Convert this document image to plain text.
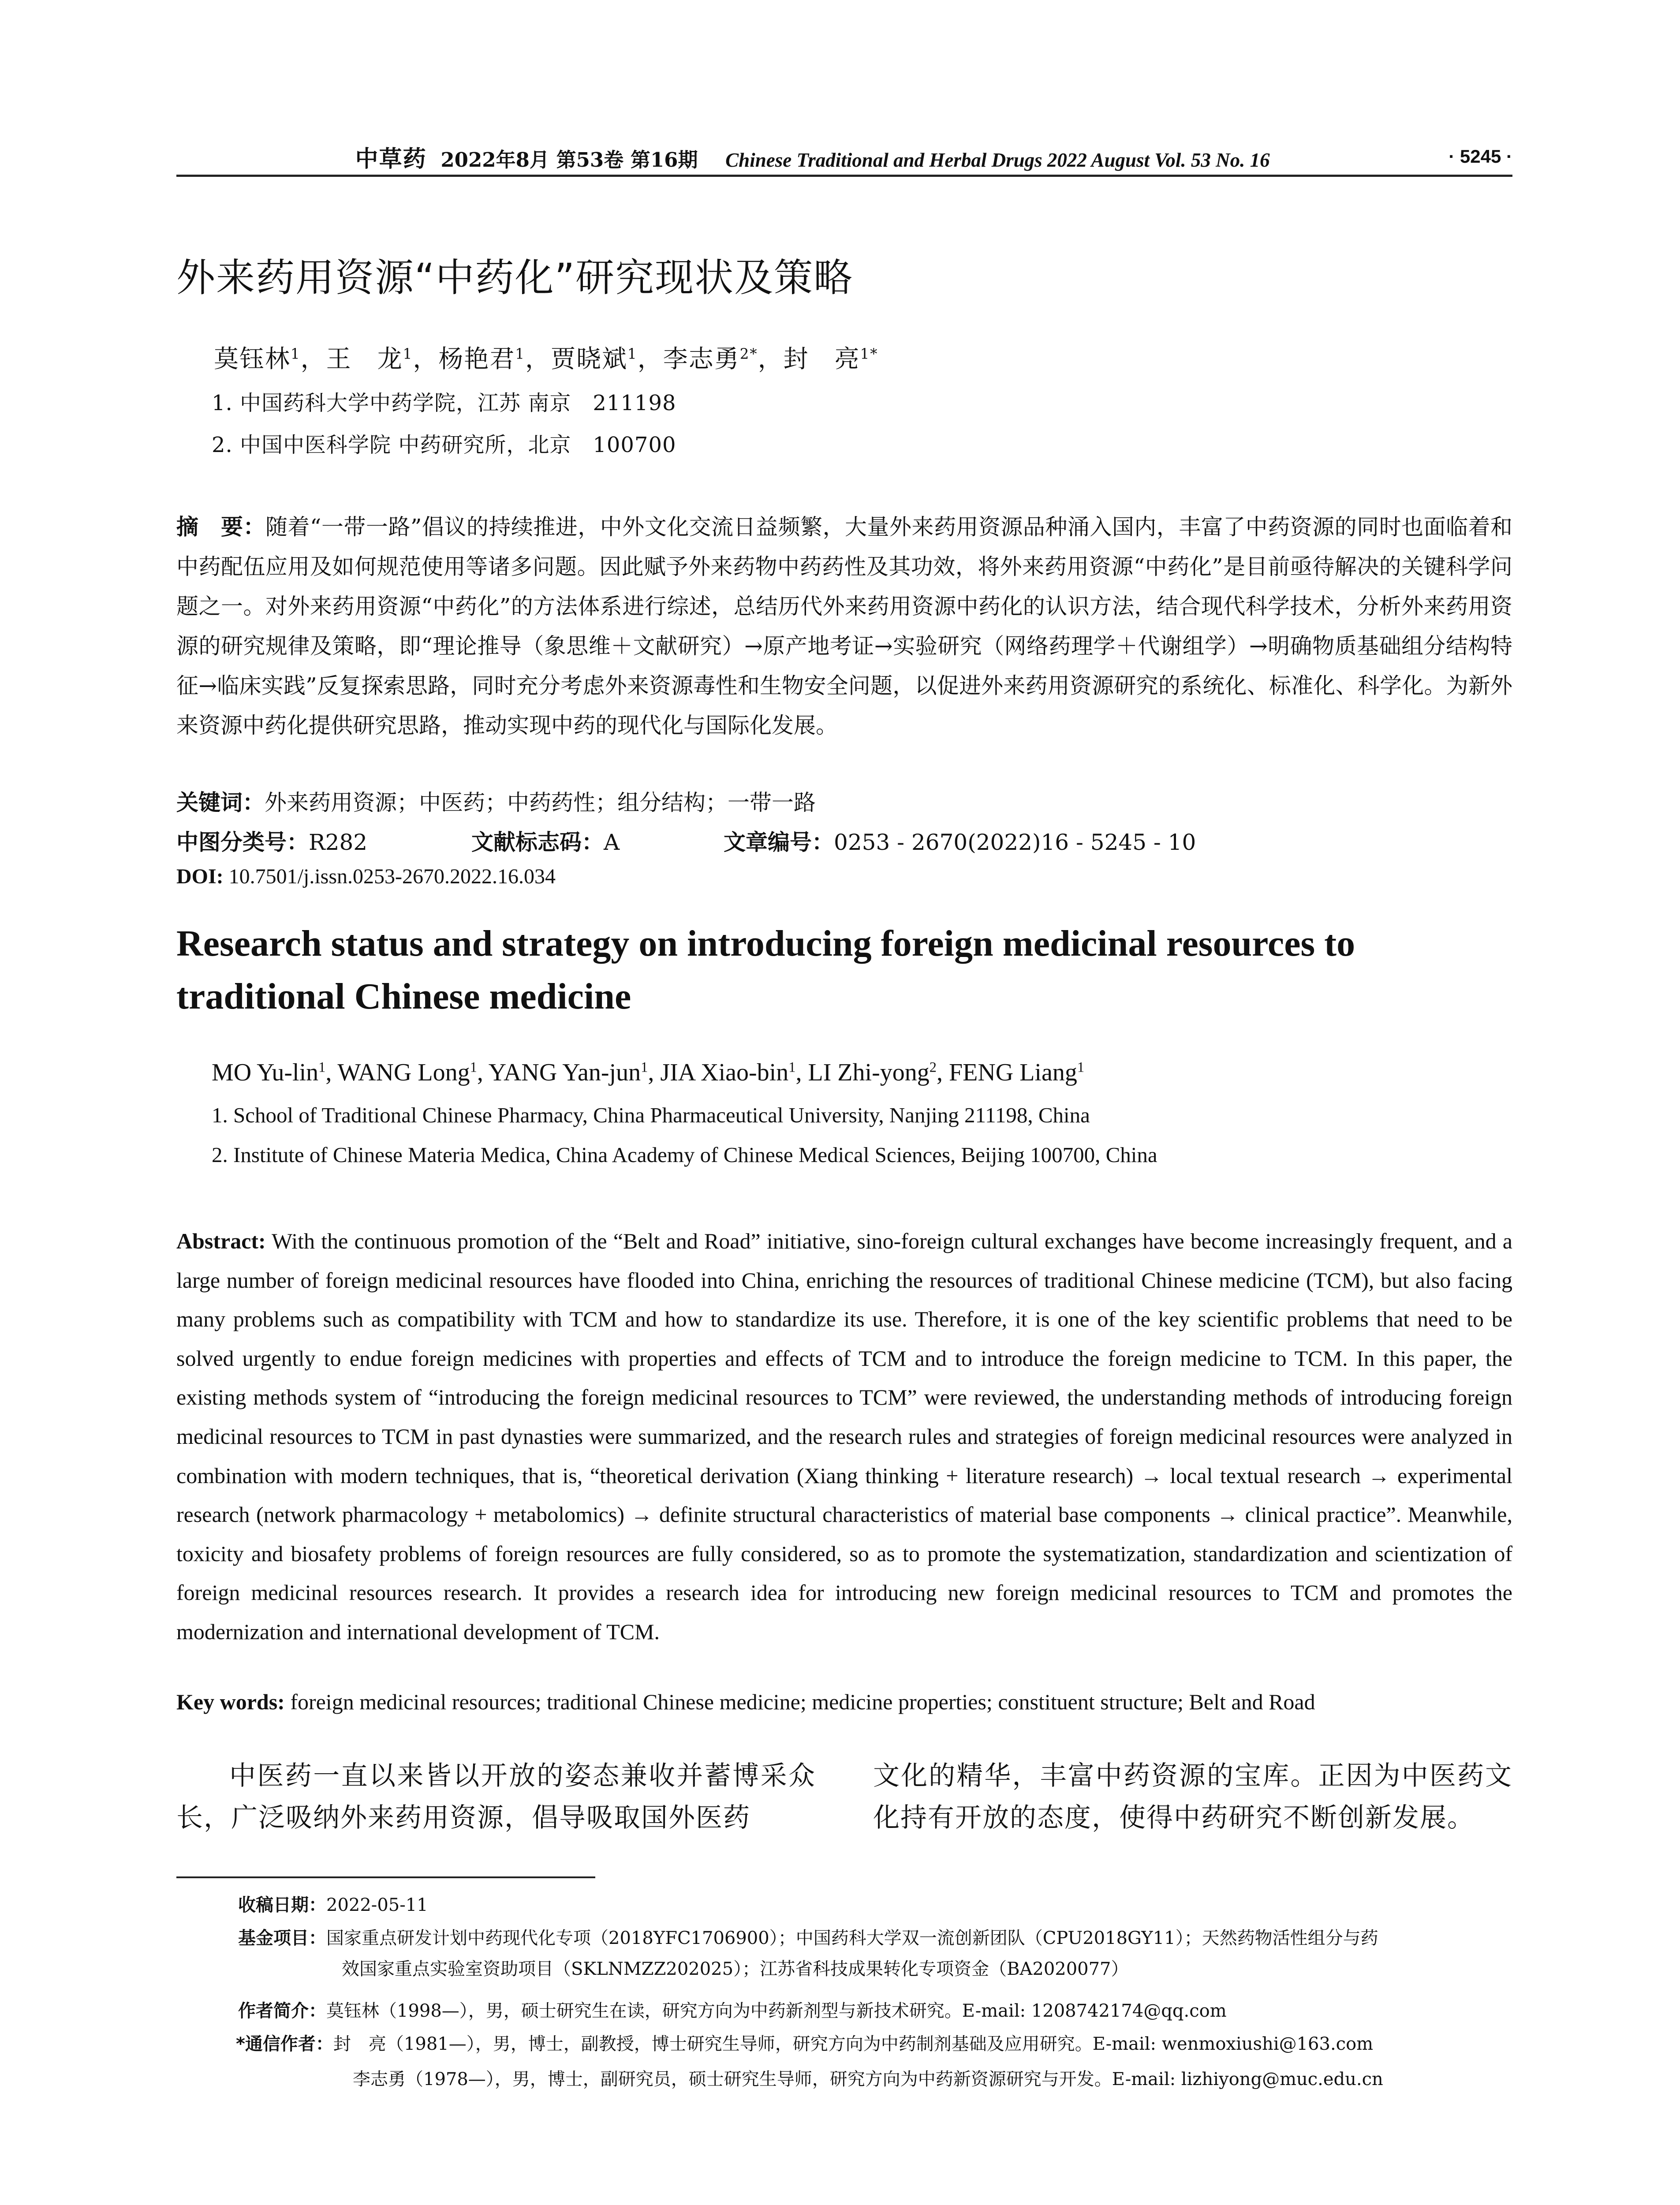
中草药 2022年8月 第53卷 第16期 Chinese Traditional and Herbal Drugs 2022 August Vol. 53 No. 16	· 5245 ·
外来药用资源“中药化”研究现状及策略
莫钰林$^1$，王　龙$^1$，杨艳君$^1$，贾晓斌$^1$，李志勇$^{2*}$，封　亮$^{1*}$
1. 中国药科大学中药学院，江苏 南京　211198
2. 中国中医科学院 中药研究所，北京　100700
摘　要：随着“一带一路”倡议的持续推进，中外文化交流日益频繁，大量外来药用资源品种涌入国内，丰富了中药资源的同时也面临着和中药配伍应用及如何规范使用等诸多问题。因此赋予外来药物中药药性及其功效，将外来药用资源“中药化”是目前亟待解决的关键科学问题之一。对外来药用资源“中药化”的方法体系进行综述，总结历代外来药用资源中药化的认识方法，结合现代科学技术，分析外来药用资源的研究规律及策略，即“理论推导（象思维＋文献研究）→原产地考证→实验研究（网络药理学＋代谢组学）→明确物质基础组分结构特征→临床实践”反复探索思路，同时充分考虑外来资源毒性和生物安全问题，以促进外来药用资源研究的系统化、标准化、科学化。为新外来资源中药化提供研究思路，推动实现中药的现代化与国际化发展。
关键词：外来药用资源；中医药；中药药性；组分结构；一带一路
中图分类号：R282	文献标志码：A	文章编号：0253 - 2670(2022)16 - 5245 - 10
DOI: 10.7501/j.issn.0253-2670.2022.16.034
Research status and strategy on introducing foreign medicinal resources to traditional Chinese medicine
MO Yu-lin$^1$, WANG Long$^1$, YANG Yan-jun$^1$, JIA Xiao-bin$^1$, LI Zhi-yong$^2$, FENG Liang$^1$
1. School of Traditional Chinese Pharmacy, China Pharmaceutical University, Nanjing 211198, China
2. Institute of Chinese Materia Medica, China Academy of Chinese Medical Sciences, Beijing 100700, China
Abstract: With the continuous promotion of the “Belt and Road” initiative, sino-foreign cultural exchanges have become increasingly frequent, and a large number of foreign medicinal resources have flooded into China, enriching the resources of traditional Chinese medicine (TCM), but also facing many problems such as compatibility with TCM and how to standardize its use. Therefore, it is one of the key scientific problems that need to be solved urgently to endue foreign medicines with properties and effects of TCM and to introduce the foreign medicine to TCM. In this paper, the existing methods system of “introducing the foreign medicinal resources to TCM” were reviewed, the understanding methods of introducing foreign medicinal resources to TCM in past dynasties were summarized, and the research rules and strategies of foreign medicinal resources were analyzed in combination with modern techniques, that is, “theoretical derivation (Xiang thinking + literature research) → local textual research → experimental research (network pharmacology + metabolomics) → definite structural characteristics of material base components → clinical practice”. Meanwhile, toxicity and biosafety problems of foreign resources are fully considered, so as to promote the systematization, standardization and scientization of foreign medicinal resources research. It provides a research idea for introducing new foreign medicinal resources to TCM and promotes the modernization and international development of TCM.
Key words: foreign medicinal resources; traditional Chinese medicine; medicine properties; constituent structure; Belt and Road
中医药一直以来皆以开放的姿态兼收并蓄博采众长，广泛吸纳外来药用资源，倡导吸取国外医药
文化的精华，丰富中药资源的宝库。正因为中医药文化持有开放的态度，使得中药研究不断创新发展。
收稿日期：2022-05-11
基金项目：国家重点研发计划中药现代化专项（2018YFC1706900）；中国药科大学双一流创新团队（CPU2018GY11）；天然药物活性组分与药
效国家重点实验室资助项目（SKLNMZZ202025）；江苏省科技成果转化专项资金（BA2020077）
作者简介：莫钰林（1998—），男，硕士研究生在读，研究方向为中药新剂型与新技术研究。E-mail: 1208742174@qq.com
*通信作者：封　亮（1981—），男，博士，副教授，博士研究生导师，研究方向为中药制剂基础及应用研究。E-mail: wenmoxiushi@163.com
李志勇（1978—），男，博士，副研究员，硕士研究生导师，研究方向为中药新资源研究与开发。E-mail: lizhiyong@muc.edu.cn
